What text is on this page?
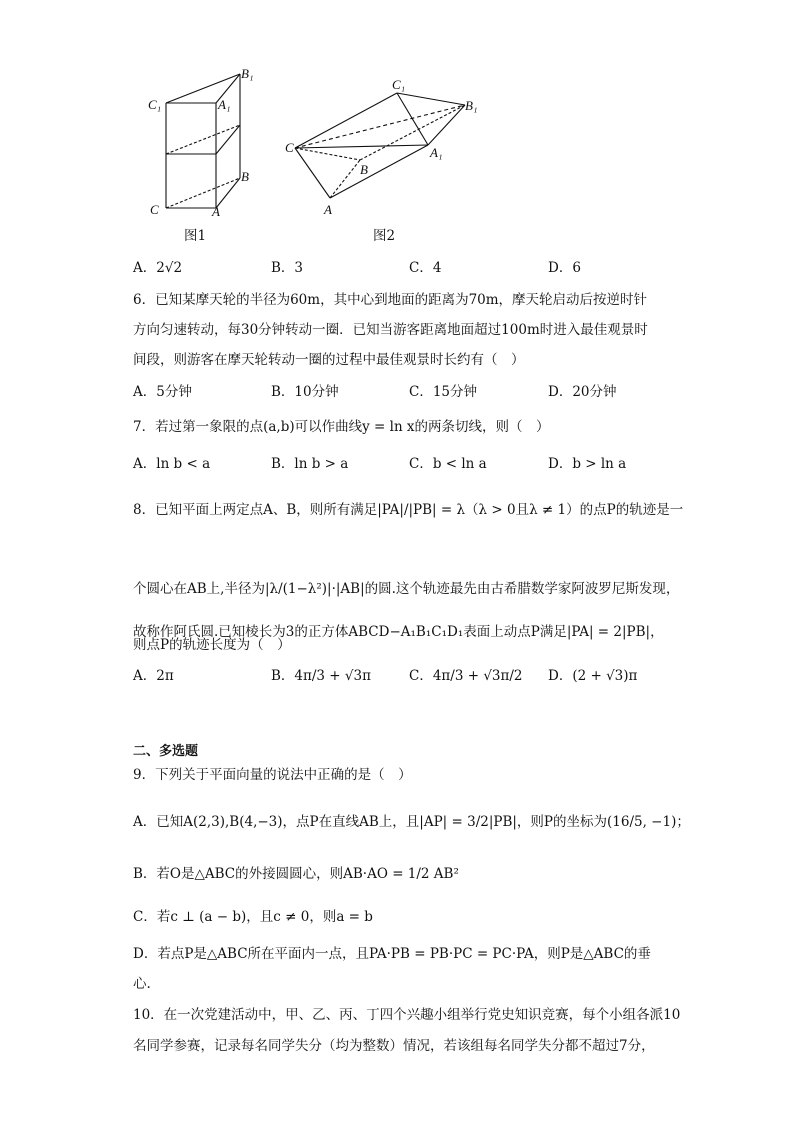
B₁
C₁	A₁
B
C	A
图1
C₁
B₁
C	A₁
B
A
图2
A．2√2	B．3	C．4	D．6
6．已知某摩天轮的半径为60m，其中心到地面的距离为70m，摩天轮启动后按逆时针
方向匀速转动，每30分钟转动一圈．已知当游客距离地面超过100m时进入最佳观景时
间段，则游客在摩天轮转动一圈的过程中最佳观景时长约有（　）
A．5分钟	B．10分钟	C．15分钟	D．20分钟
7．若过第一象限的点(a,b)可以作曲线y = ln x的两条切线，则（　）
A．ln b < a	B．ln b > a	C．b < ln a	D．b > ln a
8．已知平面上两定点A、B，则所有满足|PA|/|PB| = λ（λ > 0且λ ≠ 1）的点P的轨迹是一
个圆心在AB上,半径为|λ/(1−λ²)|·|AB|的圆.这个轨迹最先由古希腊数学家阿波罗尼斯发现，
故称作阿氏圆.已知棱长为3的正方体ABCD−A₁B₁C₁D₁表面上动点P满足|PA| = 2|PB|，
则点P的轨迹长度为（　）
A．2π	B．4π/3 + √3π	C．4π/3 + √3π/2 D．(2 + √3)π
二、多选题
9．下列关于平面向量的说法中正确的是（　）
A．已知A(2,3),B(4,−3)，点P在直线AB上，且|AP| = 3/2|PB|，则P的坐标为(16/5, −1)；
B．若O是△ABC的外接圆圆心，则AB·AO = 1/2 AB²
C．若c ⊥ (a − b)，且c ≠ 0，则a = b
D．若点P是△ABC所在平面内一点，且PA·PB = PB·PC = PC·PA，则P是△ABC的垂
心.
10．在一次党建活动中，甲、乙、丙、丁四个兴趣小组举行党史知识竞赛，每个小组各派10
名同学参赛，记录每名同学失分（均为整数）情况，若该组每名同学失分都不超过7分，
